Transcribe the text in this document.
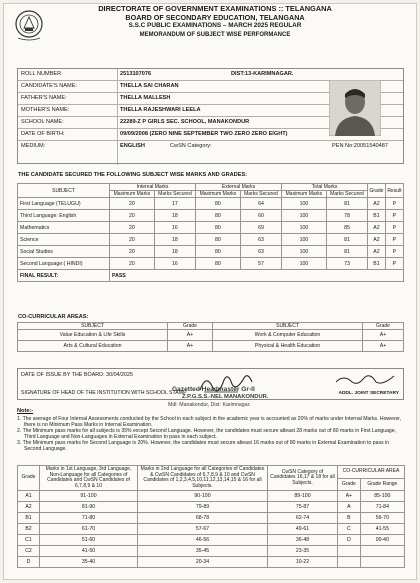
DIRECTORATE OF GOVERNMENT EXAMINATIONS :: TELANGANA
BOARD OF SECONDARY EDUCATION, TELANGANA
S.S.C PUBLIC EXAMINATIONS – MARCH 2025 REGULAR
MEMORANDUM OF SUBJECT WISE PERFORMANCE
ROLL NUMBER	2513107076	DIST:13-KARIMNAGAR.
CANDIDATE'S NAME:	THELLA SAI CHARAN
FATHER'S NAME:	THELLA MALLESH
MOTHER'S NAME:	THELLA RAJESHWARI LEELA
SCHOOL NAME:	22289-Z P GIRLS SEC. SCHOOL, MANAKONDUR
DATE OF BIRTH:	09/09/2008 (ZERO NINE SEPTEMBER TWO ZERO ZERO EIGHT)
MEDIUM:	ENGLISH	CwSN Category:	PEN No:20051540487
THE CANDIDATE SECURED THE FOLLOWING SUBJECT WISE MARKS AND GRADES:
SUBJECT	Internal Marks		External Marks		Total Marks		Grade	Result
	Maximum Marks	Marks Secured	Maximum Marks	Marks Secured	Maximum Marks	Marks Secured		
First Language (TELUGU)	20	17	80	64	100	81	A2	P
Third Language: English	20	18	80	60	100	78	B1	P
Mathematics	20	16	80	69	100	85	A2	P
Science	20	18	80	63	100	81	A2	P
Social Studies	20	18	80	63	100	81	A2	P
Second Language:( HINDI)	20	16	80	57	100	73	B1	P
FINAL RESULT:	PASS							
CO-CURRICULAR AREAS:
SUBJECT	Grade	SUBJECT	Grade
Value Education & Life Skills	A+	Work & Computer Education	A+
Arts & Cultural Education	A+	Physical & Health Education	A+
DATE OF ISSUE BY THE BOARD: 30/04/2025
SIGNATURE OF HEAD OF THE INSTITUTION WITH SCHOOL STAMP	ADDL. JOINT SECRETARY
Gazetted Headmaster Gr-II
Z.P.G.S.S.-NEL MANAKONDUR.
Mdl: Manakondur, Dist: Karimnagar.
Note:-
1. The average of Four Internal Assessments conducted by the School in each subject in the academic year is accounted as 20% of marks under Internal Marks. However, there is no Minimum Pass Marks in Internal Examination.
2. The Minimum pass marks for all subjects is 35% except Second Language. However, the candidates must secure atleast 28 marks out of 80 marks in First Language, Third Language and Non-Languages in External Examination to pass in each subject.
3. The Minimum pass marks for Second Language is 20%. However, the candidates must secure atleast 16 marks out of 80 marks in External Examination to pass in Second Language.
Grade	Marks in 1st Language, 3rd Language, Non-Language for all Categories of Candidates and CwSN Candidates of 6,7,8,9 & 10	Marks in 2nd Language for all Categories of Candidates & CwSN Candidates of 6,7,8,9 & 10 and CwSN Candidates of 1,2,3,4,5,10,11,12,13,14,15 & 16 for all Subjects.	CwSN Category of Candidates 16,17 & 18 for all Subjects.	CO-CURRICULAR AREA	
				Grade	Grade Range
A1	91-100	90-100	89-100	A+	85-100
A2	81-90	79-89	75-87	A	71-84
B1	71-80	68-78	62-74	B	56-70
B2	61-70	57-67	49-61	C	41-55
C1	51-60	46-56	36-48	D	00-40
C2	41-50	35-45	23-35		
D	35-40	20-34	10-22		
